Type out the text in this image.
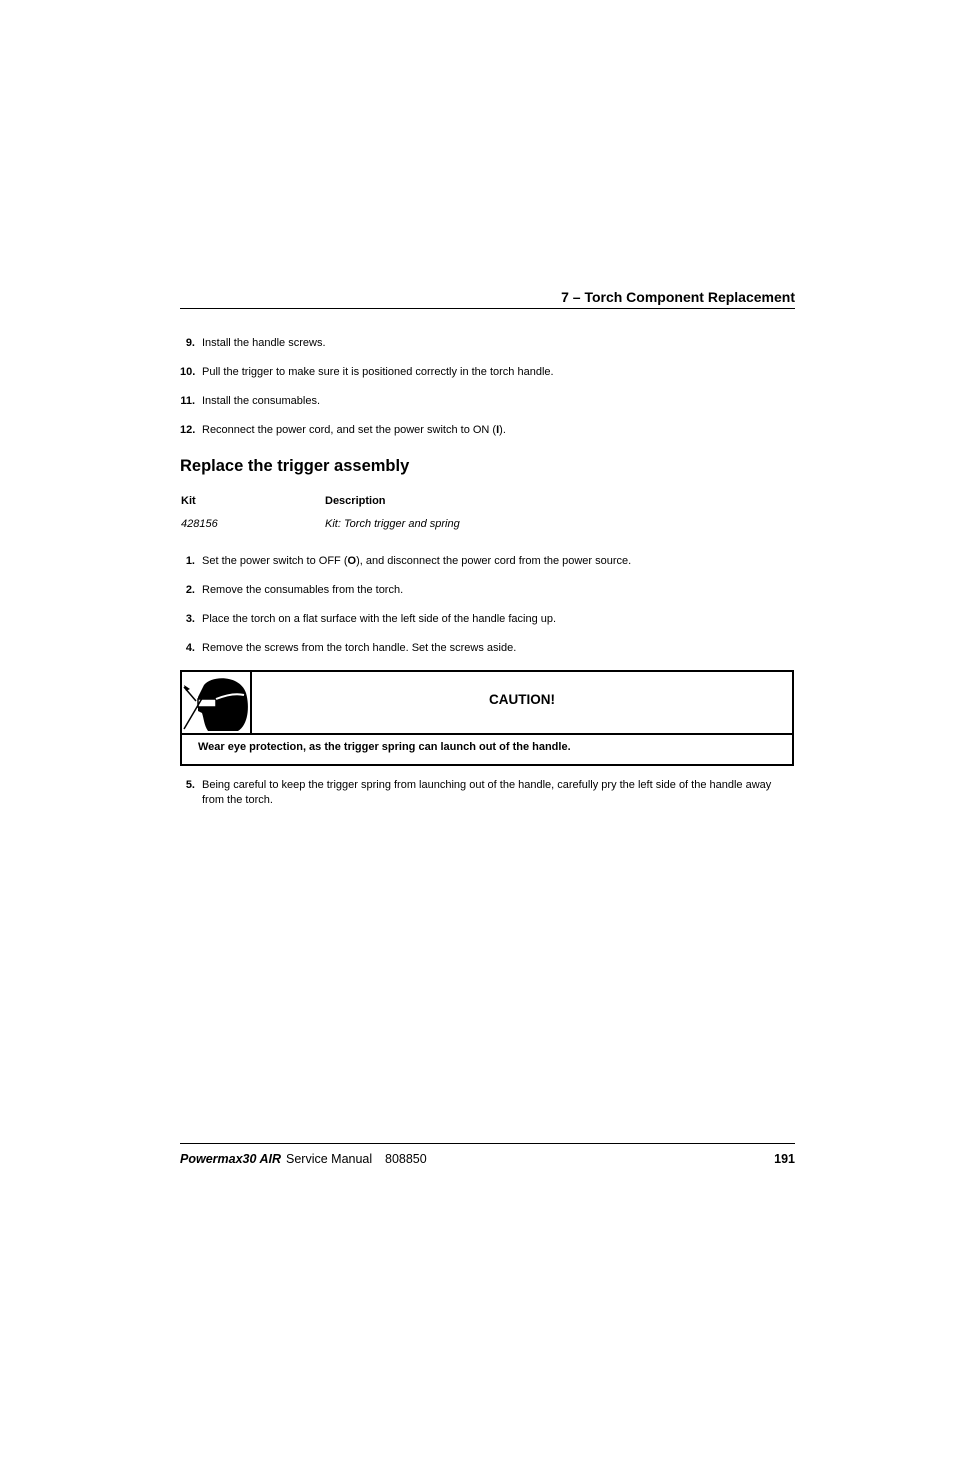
7 – Torch Component Replacement
9. Install the handle screws.
10. Pull the trigger to make sure it is positioned correctly in the torch handle.
11. Install the consumables.
12. Reconnect the power cord, and set the power switch to ON (I).
Replace the trigger assembly
Kit	Description
428156	Kit: Torch trigger and spring
1. Set the power switch to OFF (O), and disconnect the power cord from the power source.
2. Remove the consumables from the torch.
3. Place the torch on a flat surface with the left side of the handle facing up.
4. Remove the screws from the torch handle. Set the screws aside.
CAUTION!
Wear eye protection, as the trigger spring can launch out of the handle.
5. Being careful to keep the trigger spring from launching out of the handle, carefully pry the left side of the handle away from the torch.
Powermax30 AIR Service Manual 808850	191
